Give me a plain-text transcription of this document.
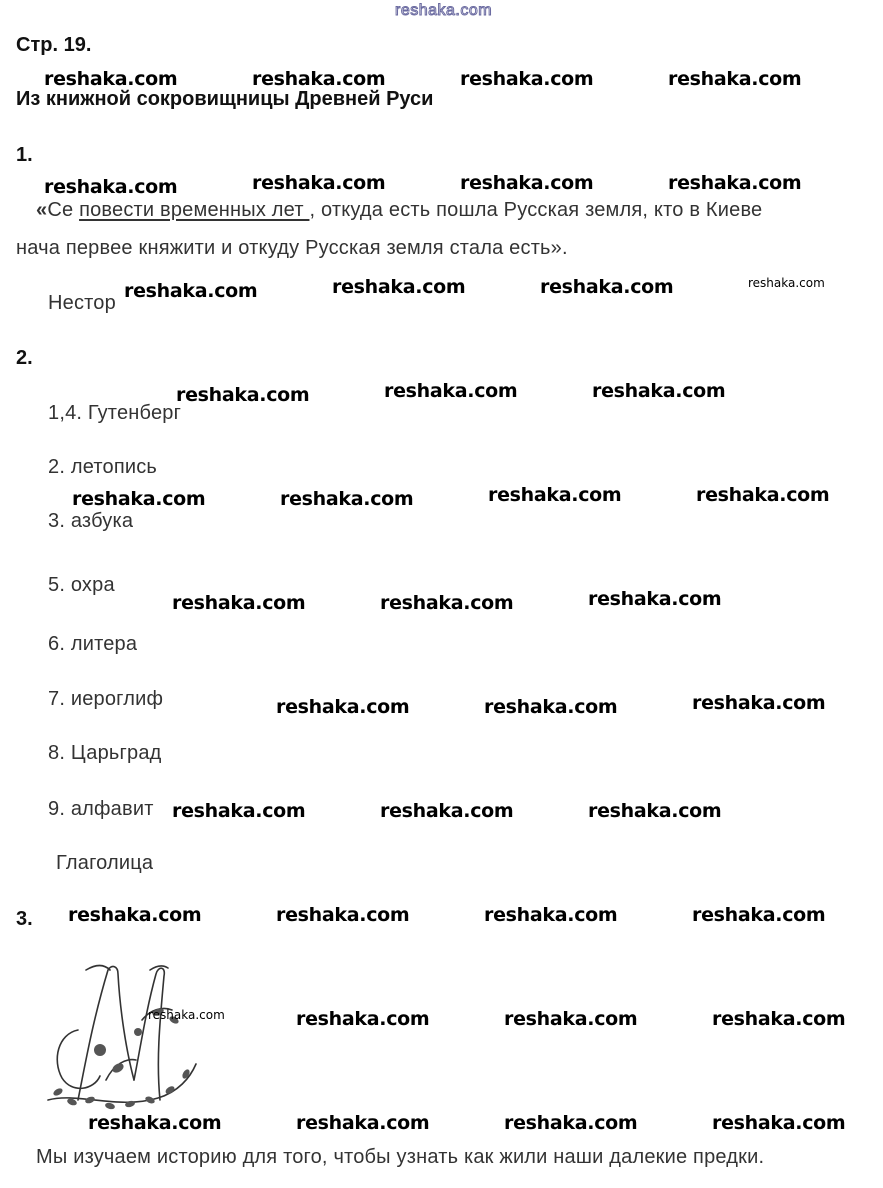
reshaka.com
Стр. 19.
Из книжной сокровищницы Древней Руси
1.
«Се повести временных лет , откуда есть пошла Русская земля, кто в Киеве
нача первее княжити и откуду Русская земля стала есть».
Нестор
2.
1,4. Гутенберг
2. летопись
3. азбука
5. охра
6. литера
7. иероглиф
8. Царьград
9. алфавит
Глаголица
3.
Мы изучаем историю для того, чтобы узнать как жили наши далекие предки.
reshaka.com	reshaka.com	reshaka.com	reshaka.com
reshaka.com	reshaka.com	reshaka.com	reshaka.com
reshaka.com	reshaka.com	reshaka.com	reshaka.com
reshaka.com	reshaka.com	reshaka.com
reshaka.com	reshaka.com	reshaka.com	reshaka.com
reshaka.com	reshaka.com	reshaka.com
reshaka.com	reshaka.com	reshaka.com
reshaka.com	reshaka.com	reshaka.com
reshaka.com	reshaka.com	reshaka.com	reshaka.com
reshaka.com	reshaka.com	reshaka.com	reshaka.com
reshaka.com	reshaka.com	reshaka.com	reshaka.com
